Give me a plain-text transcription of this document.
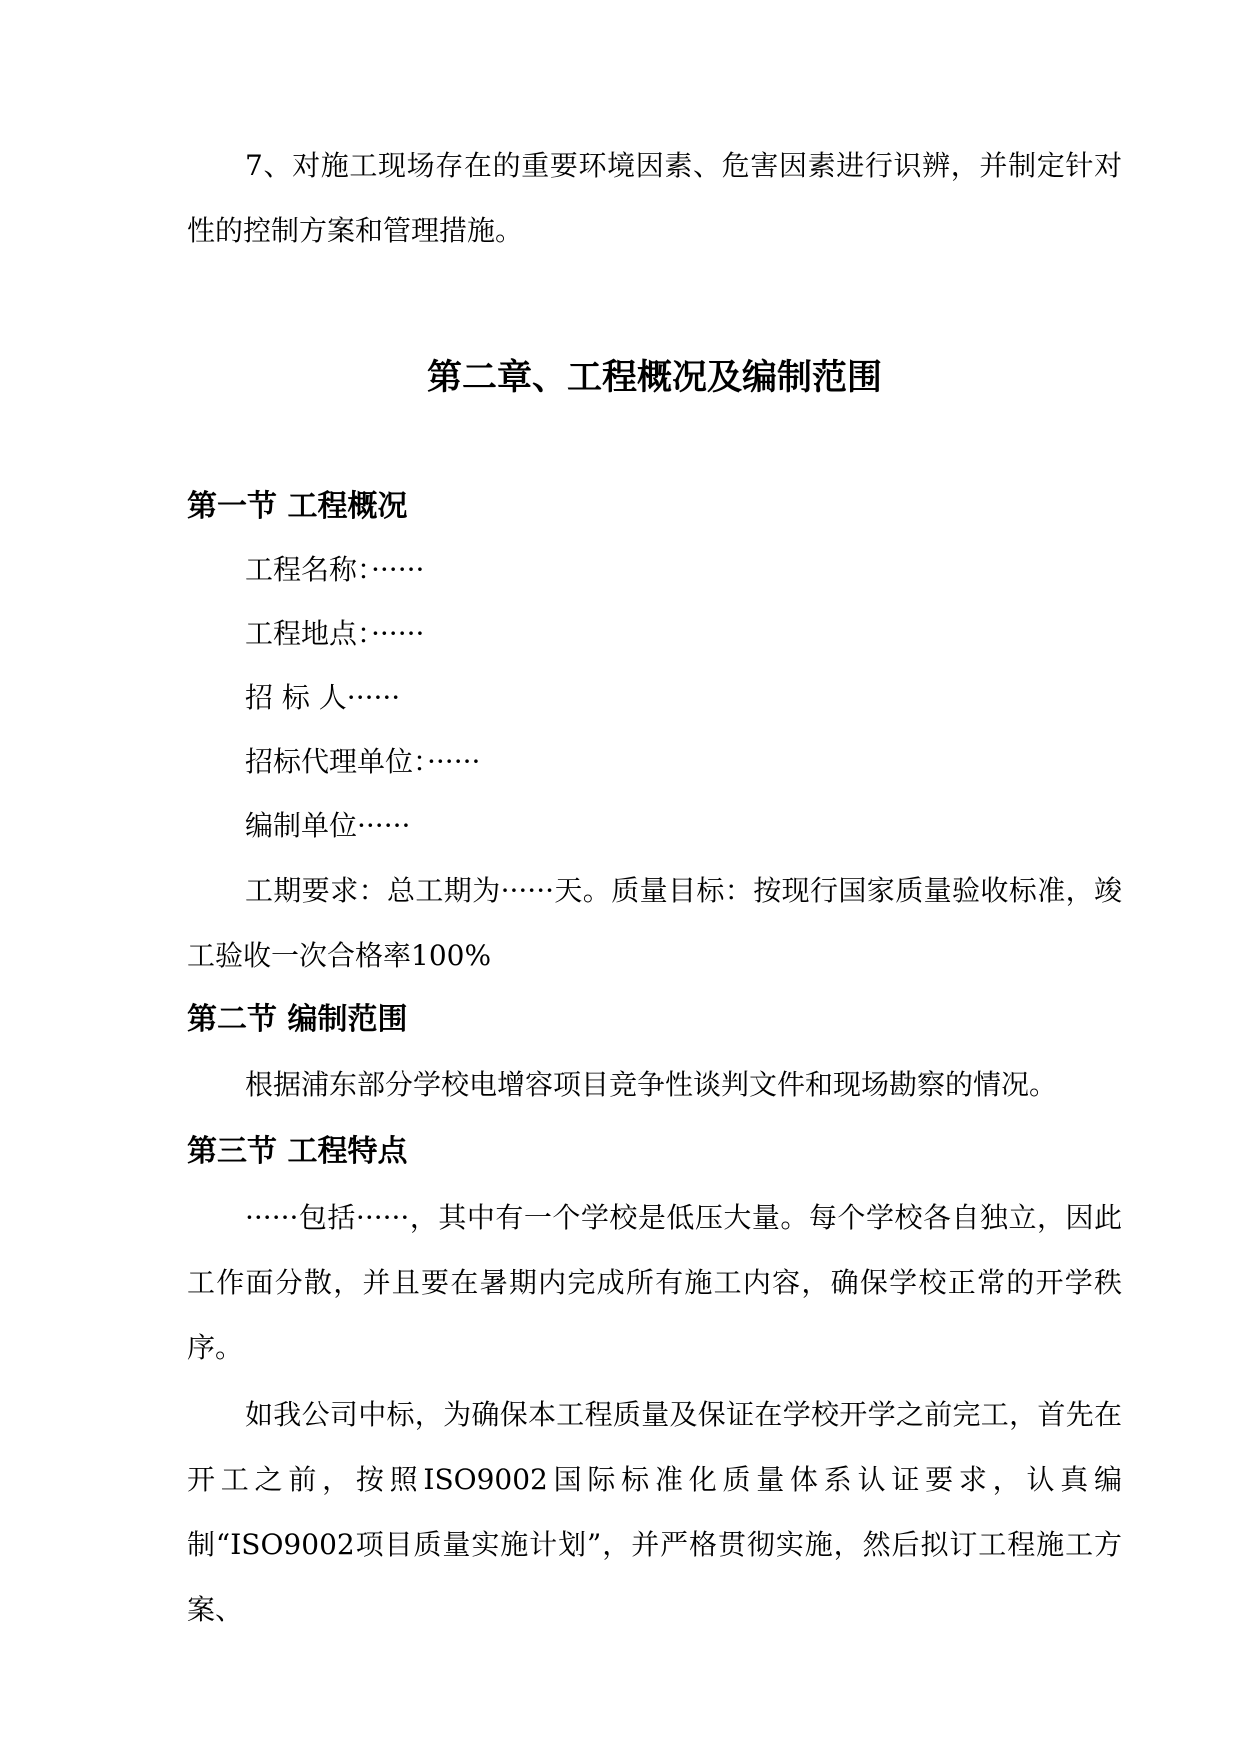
7、对施工现场存在的重要环境因素、危害因素进行识辨，并制定针对性的控制方案和管理措施。

第二章、工程概况及编制范围
第一节 工程概况

工程名称：······

工程地点：······

招 标 人······

招标代理单位：······

编制单位······

工期要求：总工期为······天。质量目标：按现行国家质量验收标准，竣工验收一次合格率100%

第二节 编制范围

根据浦东部分学校电增容项目竞争性谈判文件和现场勘察的情况。

第三节 工程特点

······包括······，其中有一个学校是低压大量。每个学校各自独立，因此工作面分散，并且要在暑期内完成所有施工内容，确保学校正常的开学秩序。

如我公司中标，为确保本工程质量及保证在学校开学之前完工，首先在开工之前，按照ISO9002国际标准化质量体系认证要求，认真编制“ISO9002项目质量实施计划”，并严格贯彻实施，然后拟订工程施工方案、
